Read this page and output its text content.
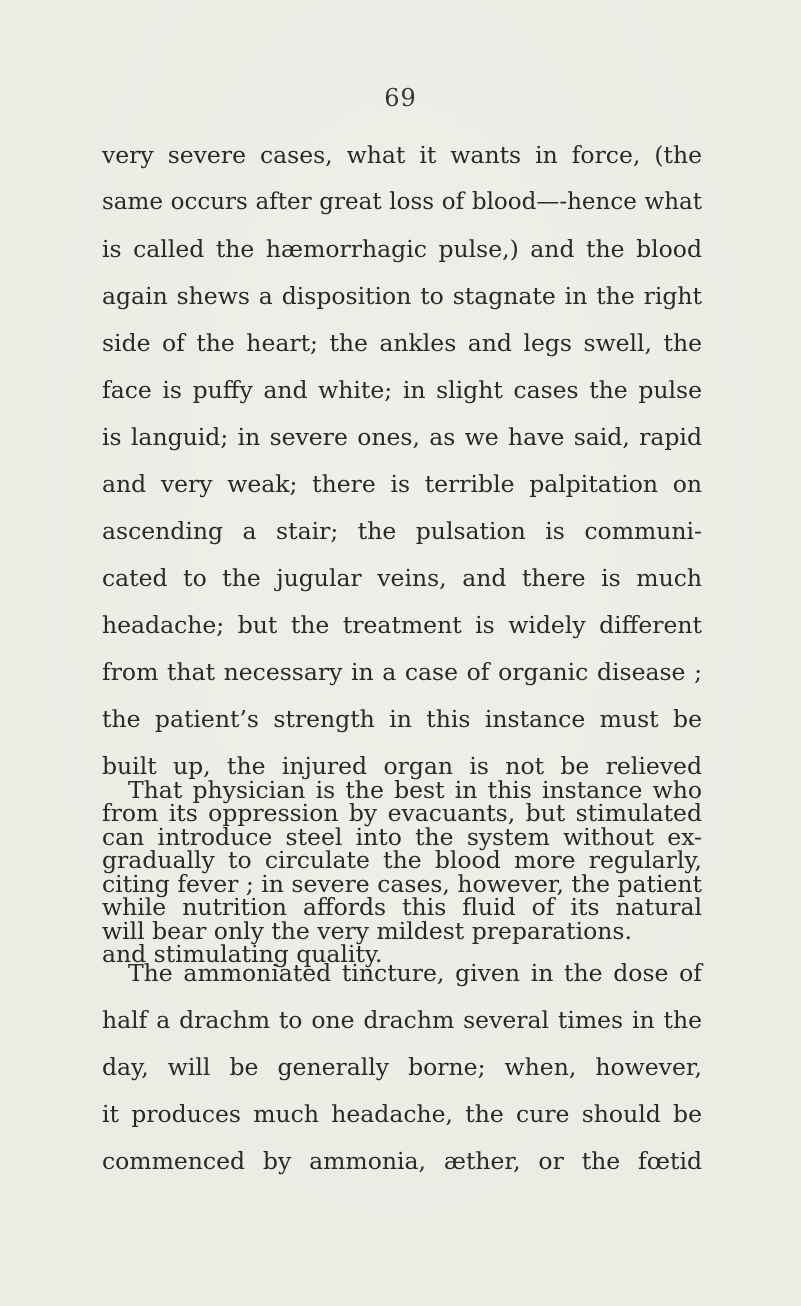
69
very severe cases, what it wants in force, (the
same occurs after great loss of blood—-hence what
is called the hæmorrhagic pulse,) and the blood
again shews a disposition to stagnate in the right
side of the heart; the ankles and legs swell, the
face is puffy and white; in slight cases the pulse
is languid; in severe ones, as we have said, rapid
and very weak; there is terrible palpitation on
ascending a stair; the pulsation is communi-
cated to the jugular veins, and there is much
headache; but the treatment is widely different
from that necessary in a case of organic disease ;
the patient’s strength in this instance must be
built up, the injured organ is not be relieved
from its oppression by evacuants, but stimulated
gradually to circulate the blood more regularly,
while nutrition affords this fluid of its natural
and stimulating quality.
That physician is the best in this instance who
can introduce steel into the system without ex-
citing fever ; in severe cases, however, the patient
will bear only the very mildest preparations.
The ammoniated tincture, given in the dose of
half a drachm to one drachm several times in the
day, will be generally borne; when, however,
it produces much headache, the cure should be
commenced by ammonia, æther, or the fœtid
